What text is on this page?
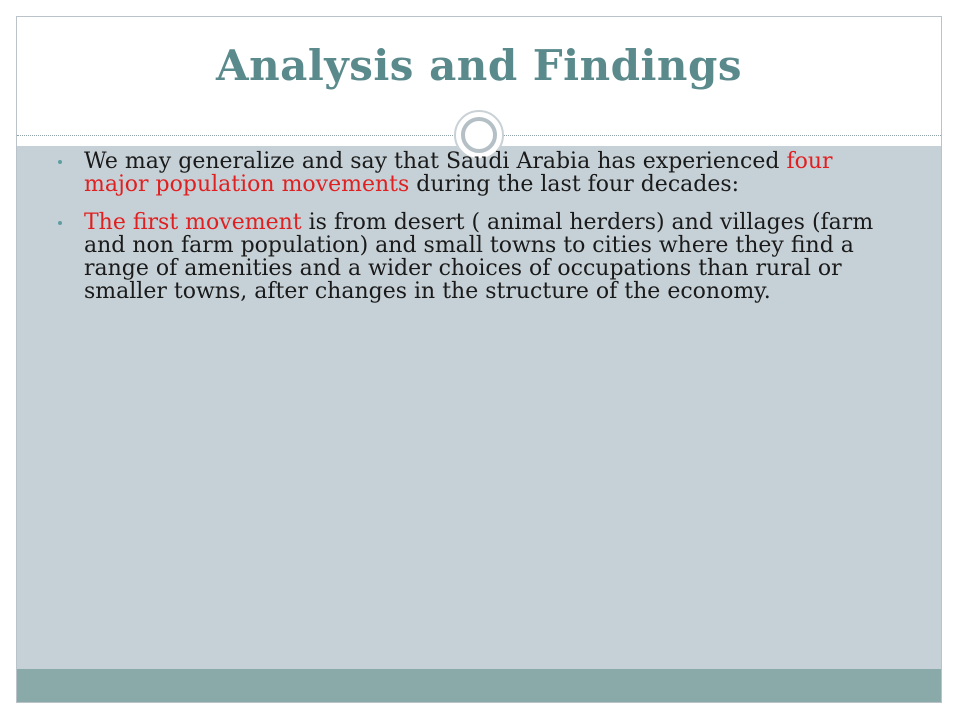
Analysis and Findings
We may generalize and say that Saudi Arabia has experienced four major population movements during the last four decades:
The first movement is from desert ( animal herders) and villages (farm and non farm population) and small towns to cities where they find a range of amenities and a wider choices of occupations than rural or smaller towns, after changes in the structure of the economy.
